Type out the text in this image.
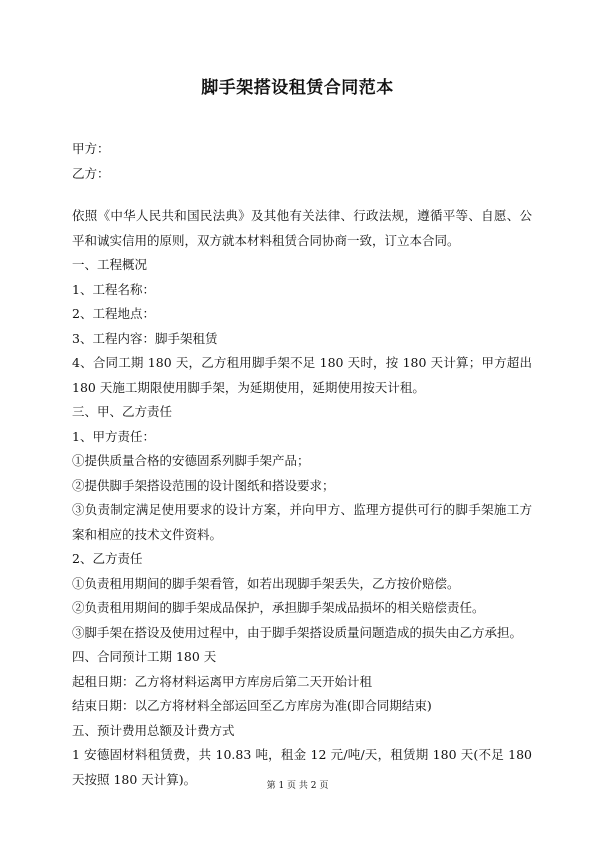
脚手架搭设租赁合同范本

甲方：

乙方：

依照《中华人民共和国民法典》及其他有关法律、行政法规，遵循平等、自愿、公平和诚实信用的原则，双方就本材料租赁合同协商一致，订立本合同。

一、工程概况

1、工程名称：

2、工程地点：

3、工程内容：脚手架租赁

4、合同工期 180 天，乙方租用脚手架不足 180 天时，按 180 天计算；甲方超出 180 天施工期限使用脚手架，为延期使用，延期使用按天计租。

三、甲、乙方责任

1、甲方责任：

①提供质量合格的安德固系列脚手架产品；

②提供脚手架搭设范围的设计图纸和搭设要求；

③负责制定满足使用要求的设计方案，并向甲方、监理方提供可行的脚手架施工方案和相应的技术文件资料。

2、乙方责任

①负责租用期间的脚手架看管，如若出现脚手架丢失，乙方按价赔偿。

②负责租用期间的脚手架成品保护，承担脚手架成品损坏的相关赔偿责任。

③脚手架在搭设及使用过程中，由于脚手架搭设质量问题造成的损失由乙方承担。

四、合同预计工期 180 天

起租日期：乙方将材料运离甲方库房后第二天开始计租

结束日期：以乙方将材料全部运回至乙方库房为准(即合同期结束)

五、预计费用总额及计费方式

1 安德固材料租赁费，共 10.83 吨，租金 12 元/吨/天，租赁期 180 天(不足 180 天按照 180 天计算)。	第 1 页 共 2 页
